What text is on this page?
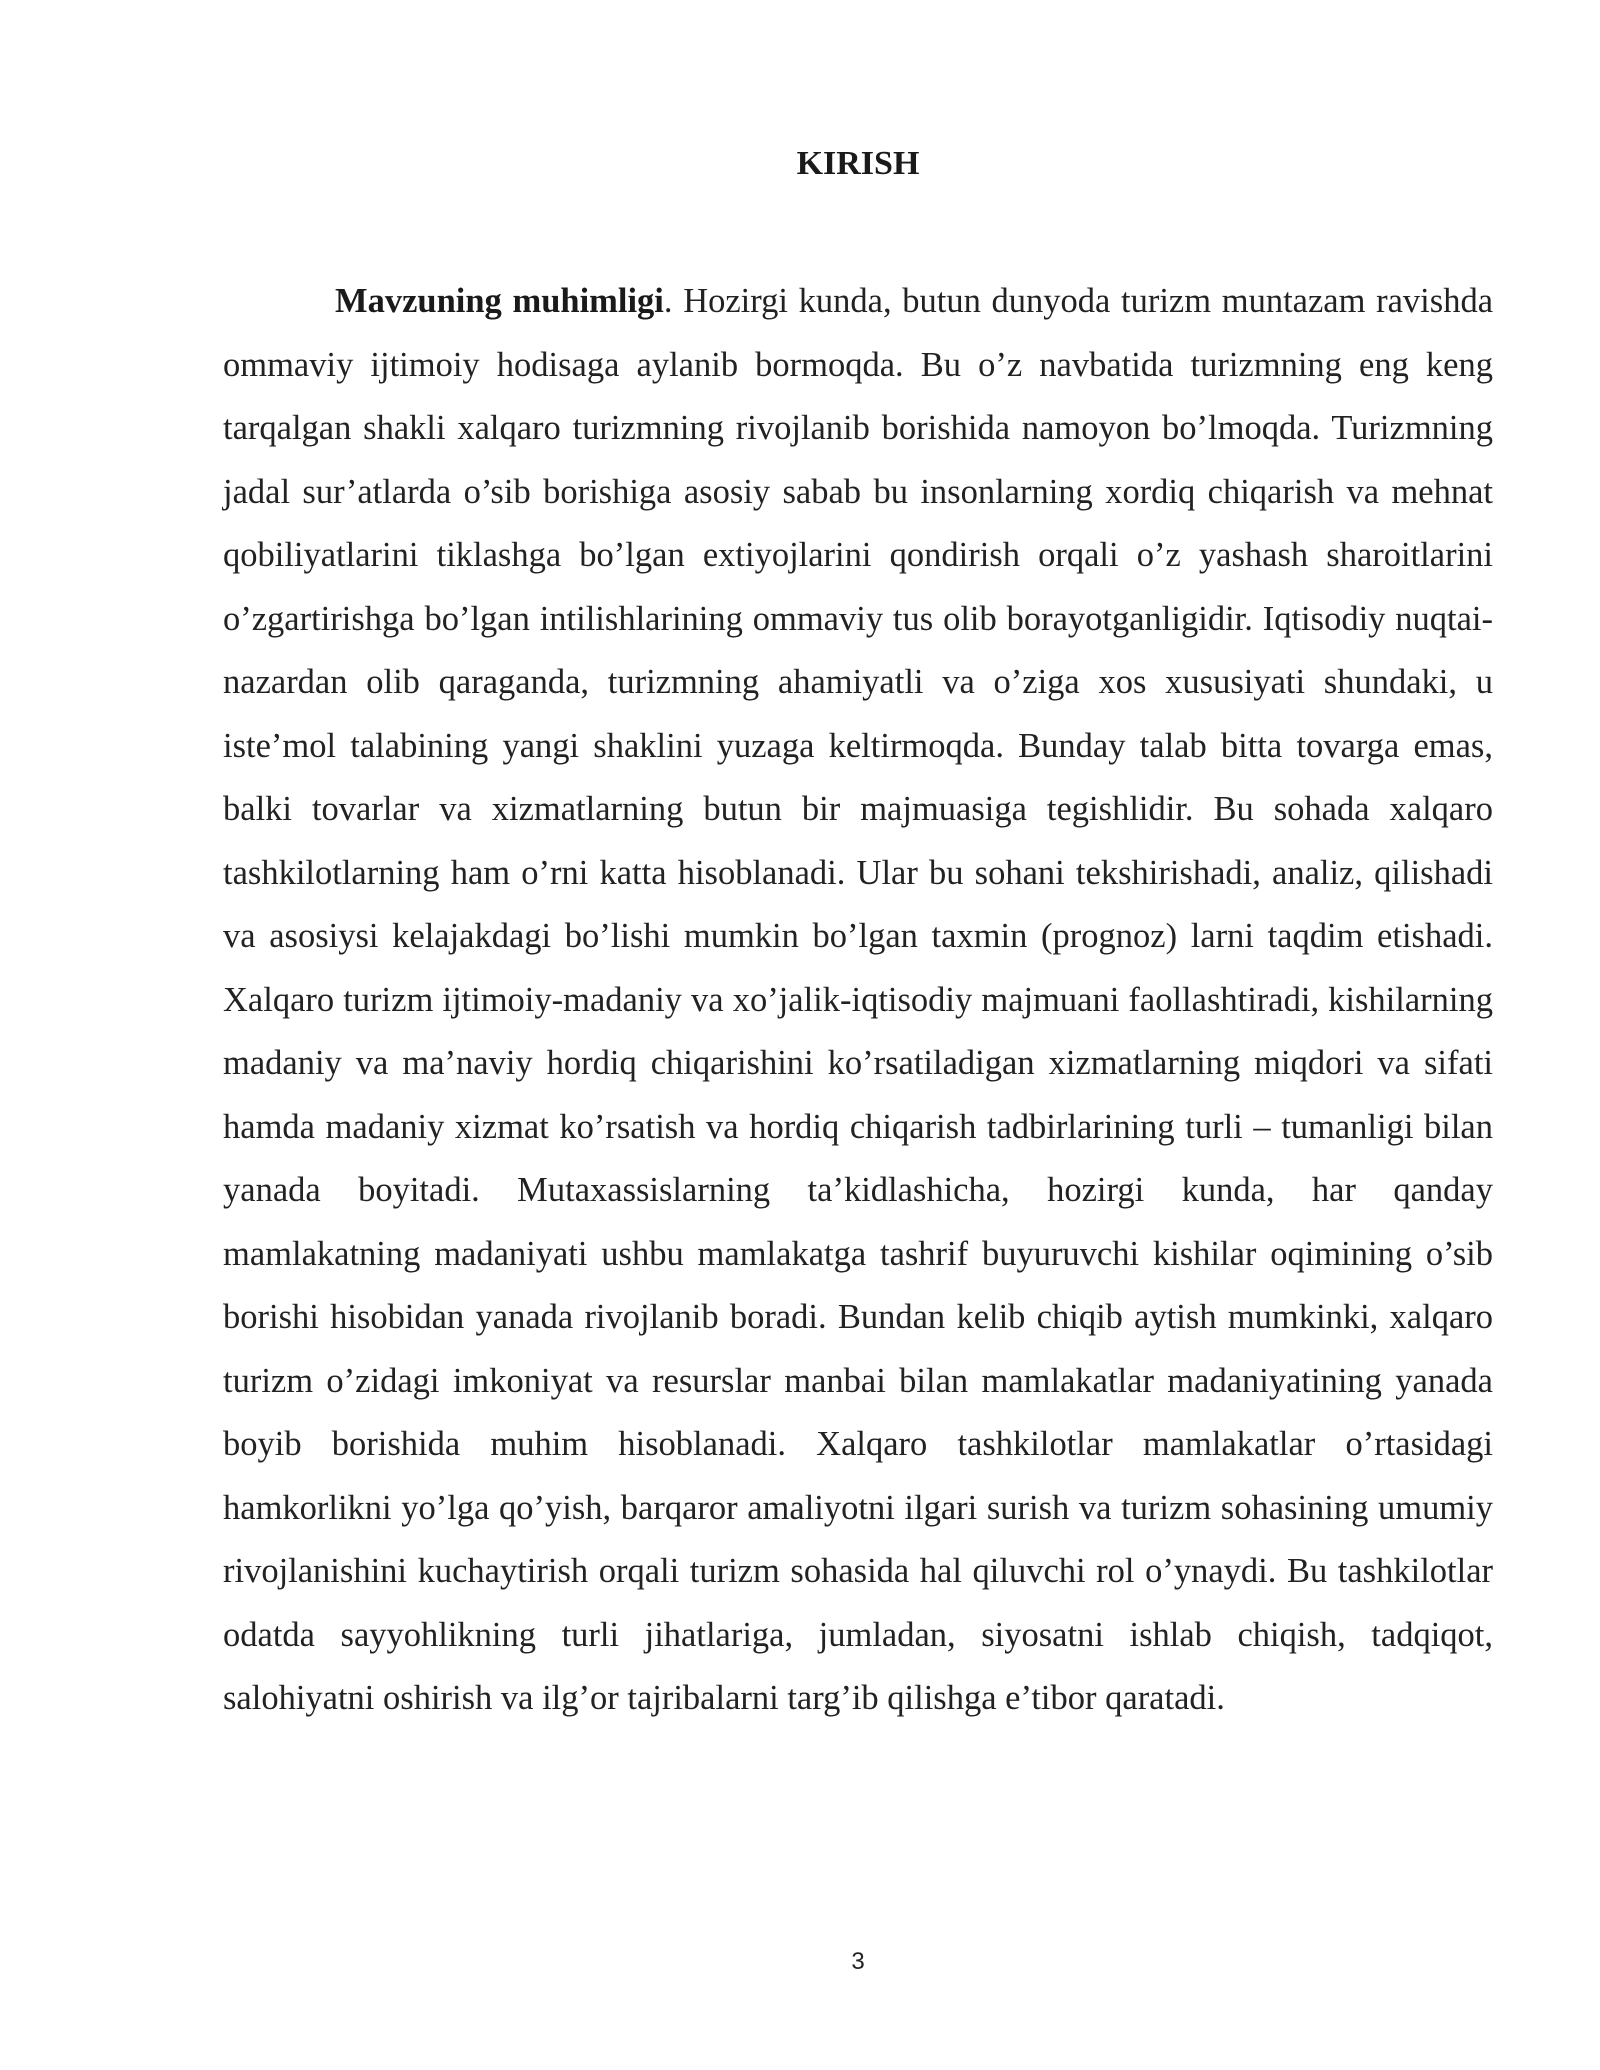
KIRISH

Mavzuning muhimligi. Hozirgi kunda, butun dunyoda turizm muntazam ravishda ommaviy ijtimoiy hodisaga aylanib bormoqda. Bu o’z navbatida turizmning eng keng tarqalgan shakli xalqaro turizmning rivojlanib borishida namoyon bo’lmoqda. Turizmning jadal sur’atlarda o’sib borishiga asosiy sabab bu insonlarning xordiq chiqarish va mehnat qobiliyatlarini tiklashga bo’lgan extiyojlarini qondirish orqali o’z yashash sharoitlarini o’zgartirishga bo’lgan intilishlarining ommaviy tus olib borayotganligidir. Iqtisodiy nuqtai-nazardan olib qaraganda, turizmning ahamiyatli va o’ziga xos xususiyati shundaki, u iste’mol talabining yangi shaklini yuzaga keltirmoqda. Bunday talab bitta tovarga emas, balki tovarlar va xizmatlarning butun bir majmuasiga tegishlidir. Bu sohada xalqaro tashkilotlarning ham o’rni katta hisoblanadi. Ular bu sohani tekshirishadi, analiz, qilishadi va asosiysi kelajakdagi bo’lishi mumkin bo’lgan taxmin (prognoz) larni taqdim etishadi. Xalqaro turizm ijtimoiy-madaniy va xo’jalik-iqtisodiy majmuani faollashtiradi, kishilarning madaniy va ma’naviy hordiq chiqarishini ko’rsatiladigan xizmatlarning miqdori va sifati hamda madaniy xizmat ko’rsatish va hordiq chiqarish tadbirlarining turli – tumanligi bilan yanada boyitadi. Mutaxassislarning ta’kidlashicha, hozirgi kunda, har qanday mamlakatning madaniyati ushbu mamlakatga tashrif buyuruvchi kishilar oqimining o’sib borishi hisobidan yanada rivojlanib boradi. Bundan kelib chiqib aytish mumkinki, xalqaro turizm o’zidagi imkoniyat va resurslar manbai bilan mamlakatlar madaniyatining yanada boyib borishida muhim hisoblanadi. Xalqaro tashkilotlar mamlakatlar o’rtasidagi hamkorlikni yo’lga qo’yish, barqaror amaliyotni ilgari surish va turizm sohasining umumiy rivojlanishini kuchaytirish orqali turizm sohasida hal qiluvchi rol o’ynaydi. Bu tashkilotlar odatda sayyohlikning turli jihatlariga, jumladan, siyosatni ishlab chiqish, tadqiqot, salohiyatni oshirish va ilg’or tajribalarni targ’ib qilishga e’tibor qaratadi.

3
